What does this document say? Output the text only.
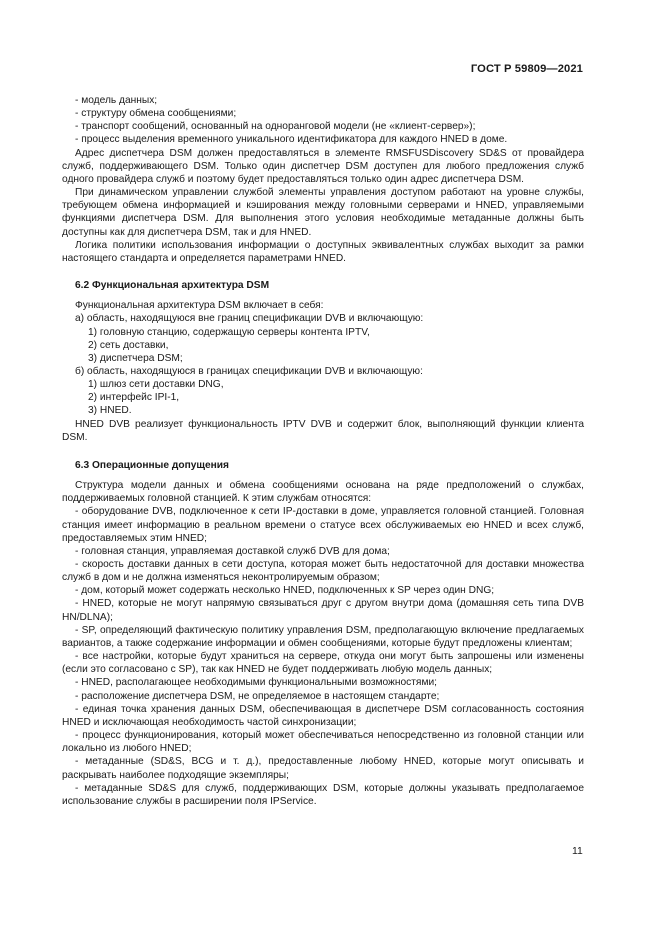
ГОСТ Р 59809—2021

- модель данных;

- структуру обмена сообщениями;

- транспорт сообщений, основанный на одноранговой модели (не «клиент-сервер»);

- процесс выделения временного уникального идентификатора для каждого HNED в доме.

Адрес диспетчера DSM должен предоставляться в элементе RMSFUSDiscovery SD&S от провайдера служб, поддерживающего DSM. Только один диспетчер DSM доступен для любого предложения служб одного провайдера служб и поэтому будет предоставляться только один адрес диспетчера DSM.

При динамическом управлении службой элементы управления доступом работают на уровне службы, требующем обмена информацией и кэширования между головными серверами и HNED, управляемыми функциями диспетчера DSM. Для выполнения этого условия необходимые метаданные должны быть доступны как для диспетчера DSM, так и для HNED.

Логика политики использования информации о доступных эквивалентных службах выходит за рамки настоящего стандарта и определяется параметрами HNED.

6.2 Функциональная архитектура DSM

Функциональная архитектура DSM включает в себя:

а) область, находящуюся вне границ спецификации DVB и включающую:

1) головную станцию, содержащую серверы контента IPTV,

2) сеть доставки,

3) диспетчера DSM;

б) область, находящуюся в границах спецификации DVB и включающую:

1) шлюз сети доставки DNG,

2) интерфейс IPI-1,

3) HNED.

HNED DVB реализует функциональность IPTV DVB и содержит блок, выполняющий функции клиента DSM.

6.3 Операционные допущения

Структура модели данных и обмена сообщениями основана на ряде предположений о службах, поддерживаемых головной станцией. К этим службам относятся:

- оборудование DVB, подключенное к сети IP-доставки в доме, управляется головной станцией. Головная станция имеет информацию в реальном времени о статусе всех обслуживаемых ею HNED и всех служб, предоставляемых этим HNED;

- головная станция, управляемая доставкой служб DVB для дома;

- скорость доставки данных в сети доступа, которая может быть недостаточной для доставки множества служб в дом и не должна изменяться неконтролируемым образом;

- дом, который может содержать несколько HNED, подключенных к SP через один DNG;

- HNED, которые не могут напрямую связываться друг с другом внутри дома (домашняя сеть типа DVB HN/DLNA);

- SP, определяющий фактическую политику управления DSM, предполагающую включение предлагаемых вариантов, а также содержание информации и обмен сообщениями, которые будут предложены клиентам;

- все настройки, которые будут храниться на сервере, откуда они могут быть запрошены или изменены (если это согласовано с SP), так как HNED не будет поддерживать любую модель данных;

- HNED, располагающее необходимыми функциональными возможностями;

- расположение диспетчера DSM, не определяемое в настоящем стандарте;

- единая точка хранения данных DSM, обеспечивающая в диспетчере DSM согласованность состояния HNED и исключающая необходимость частой синхронизации;

- процесс функционирования, который может обеспечиваться непосредственно из головной станции или локально из любого HNED;

- метаданные (SD&S, BCG и т. д.), предоставленные любому HNED, которые могут описывать и раскрывать наиболее подходящие экземпляры;

- метаданные SD&S для служб, поддерживающих DSM, которые должны указывать предполагаемое использование службы в расширении поля IPService.

11
